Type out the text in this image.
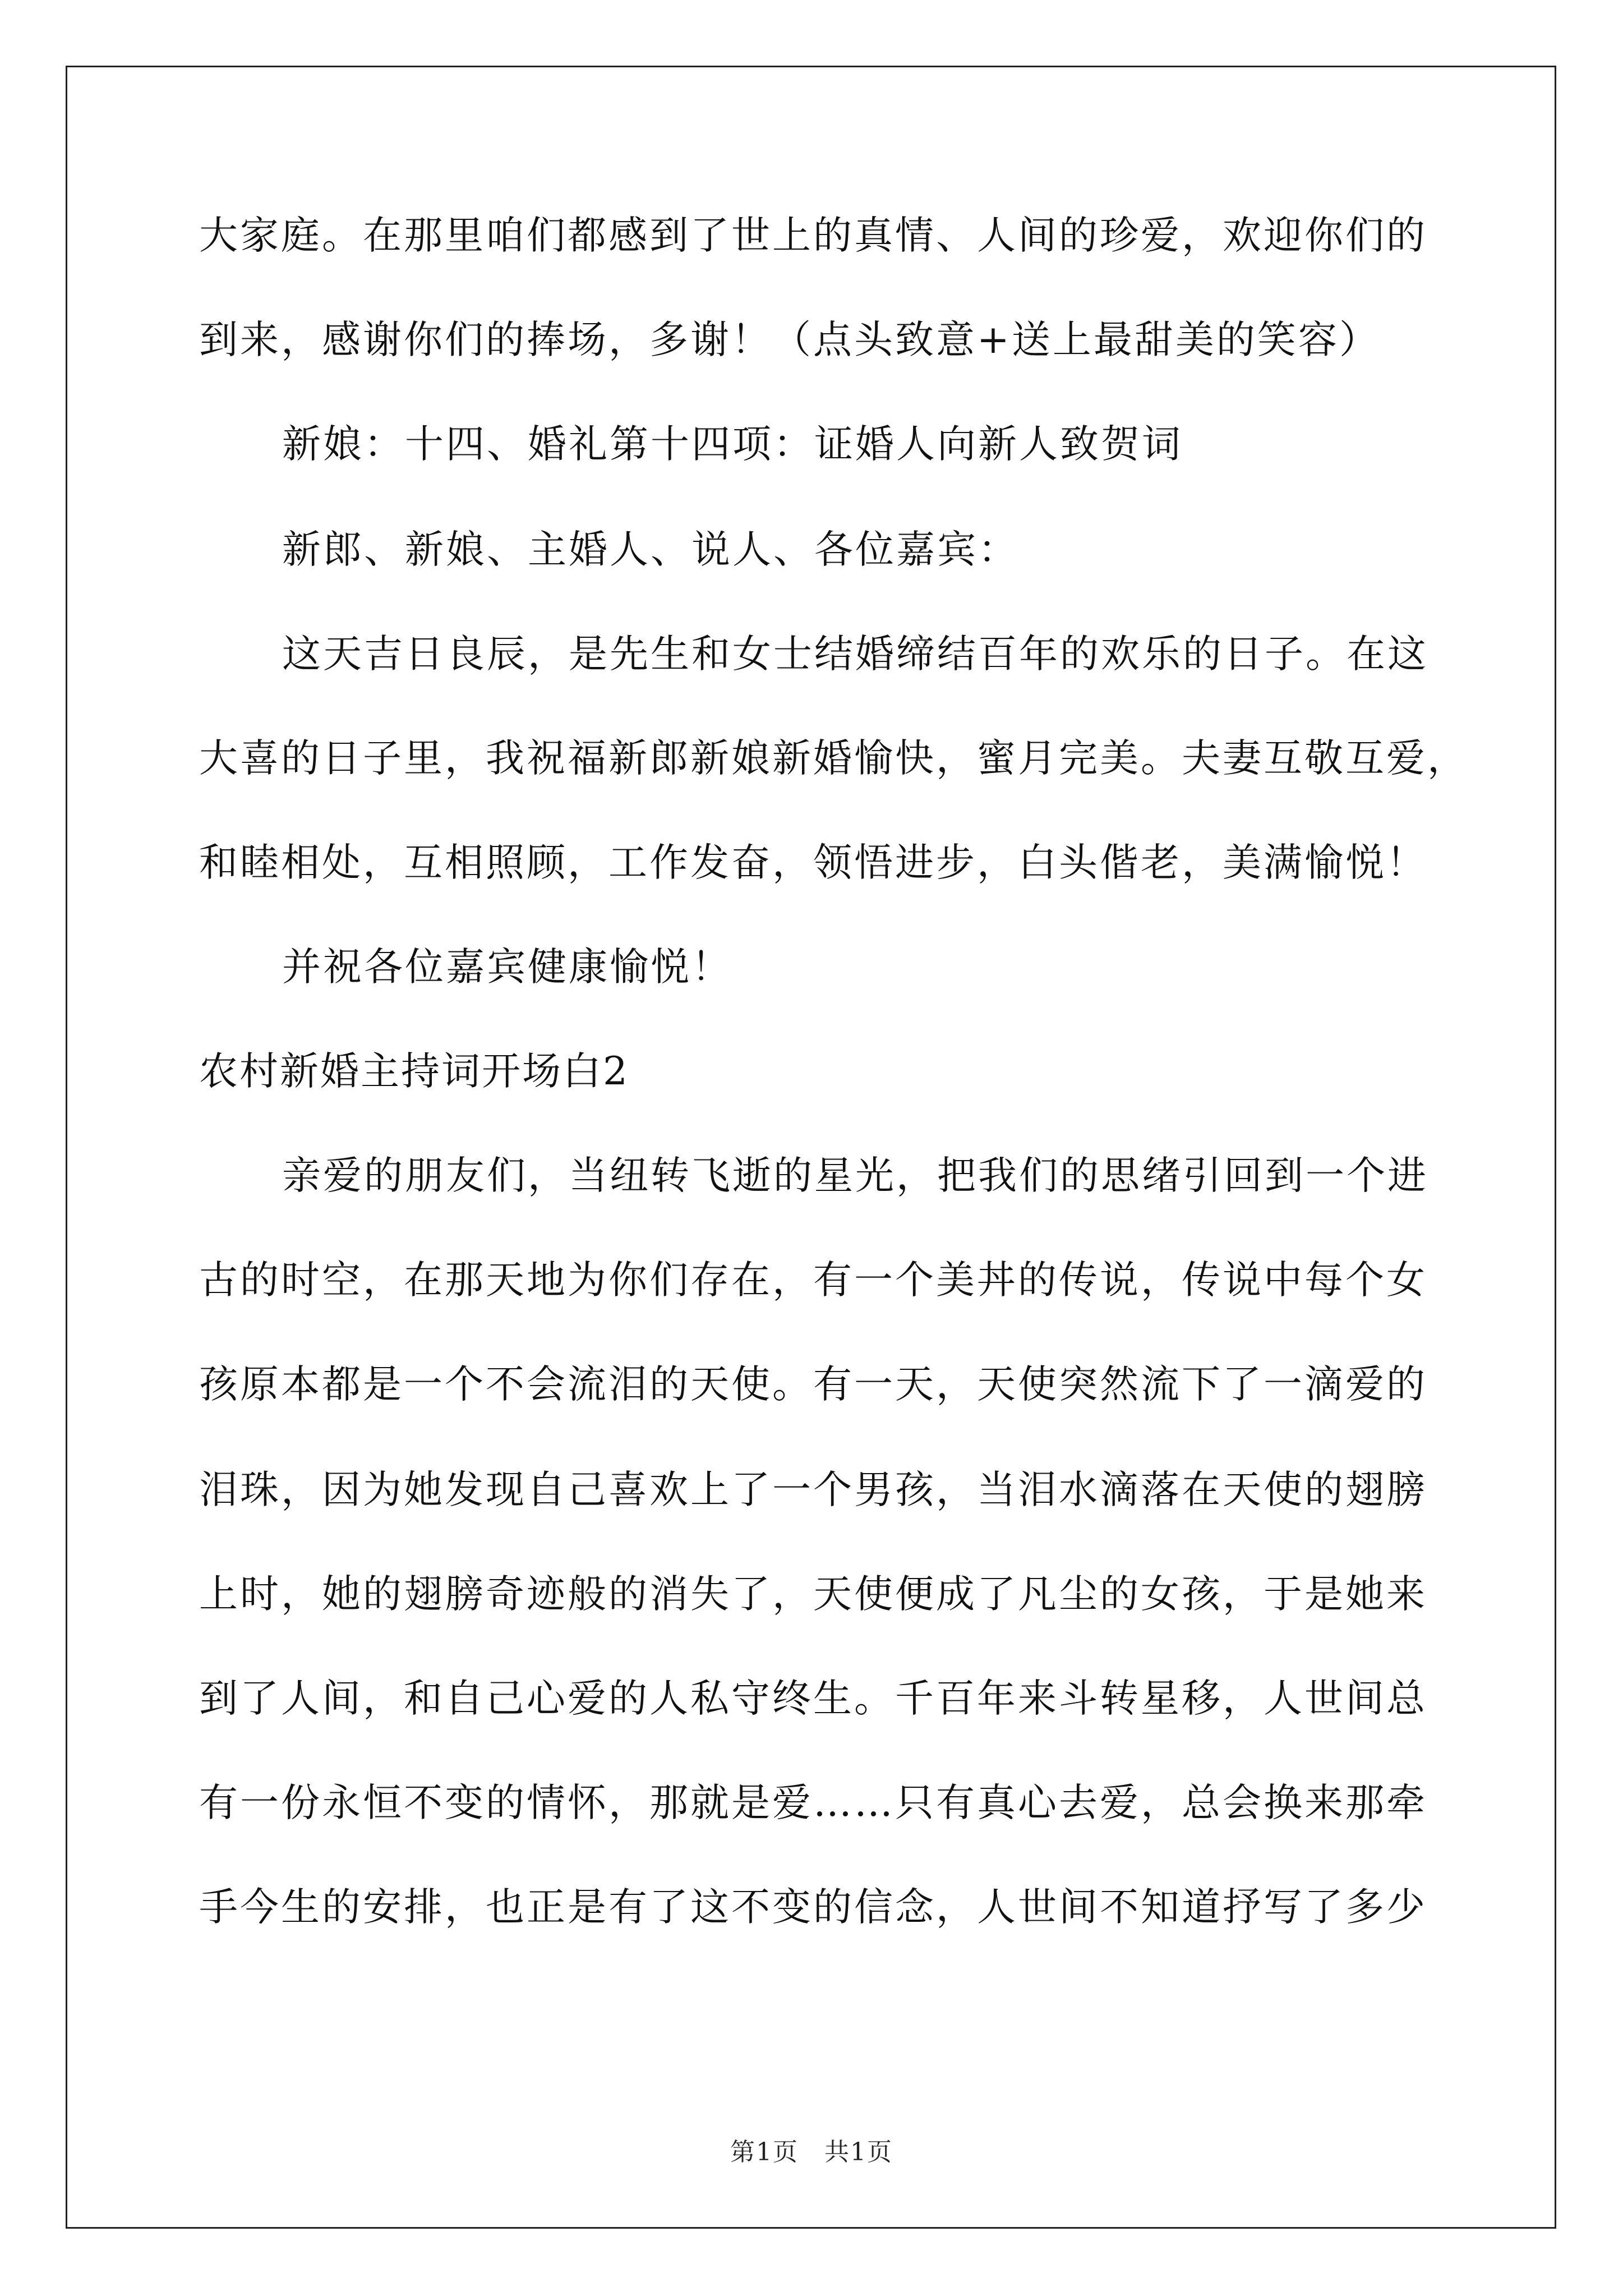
大家庭。在那里咱们都感到了世上的真情、人间的珍爱，欢迎你们的
到来，感谢你们的捧场，多谢！（点头致意+送上最甜美的笑容）
新娘：十四、婚礼第十四项：证婚人向新人致贺词
新郎、新娘、主婚人、说人、各位嘉宾：
这天吉日良辰，是先生和女士结婚缔结百年的欢乐的日子。在这
大喜的日子里，我祝福新郎新娘新婚愉快，蜜月完美。夫妻互敬互爱，
和睦相处，互相照顾，工作发奋，领悟进步，白头偕老，美满愉悦！
并祝各位嘉宾健康愉悦！
农村新婚主持词开场白2
亲爱的朋友们，当纽转飞逝的星光，把我们的思绪引回到一个进
古的时空，在那天地为你们存在，有一个美丼的传说，传说中每个女
孩原本都是一个不会流泪的天使。有一天，天使突然流下了一滴爱的
泪珠，因为她发现自己喜欢上了一个男孩，当泪水滴落在天使的翅膀
上时，她的翅膀奇迹般的消失了，天使便成了凡尘的女孩，于是她来
到了人间，和自己心爱的人私守终生。千百年来斗转星移，人世间总
有一份永恒不变的情怀，那就是爱……只有真心去爱，总会换来那牵
手今生的安排，也正是有了这不变的信念，人世间不知道抒写了多少
第1页　共1页
